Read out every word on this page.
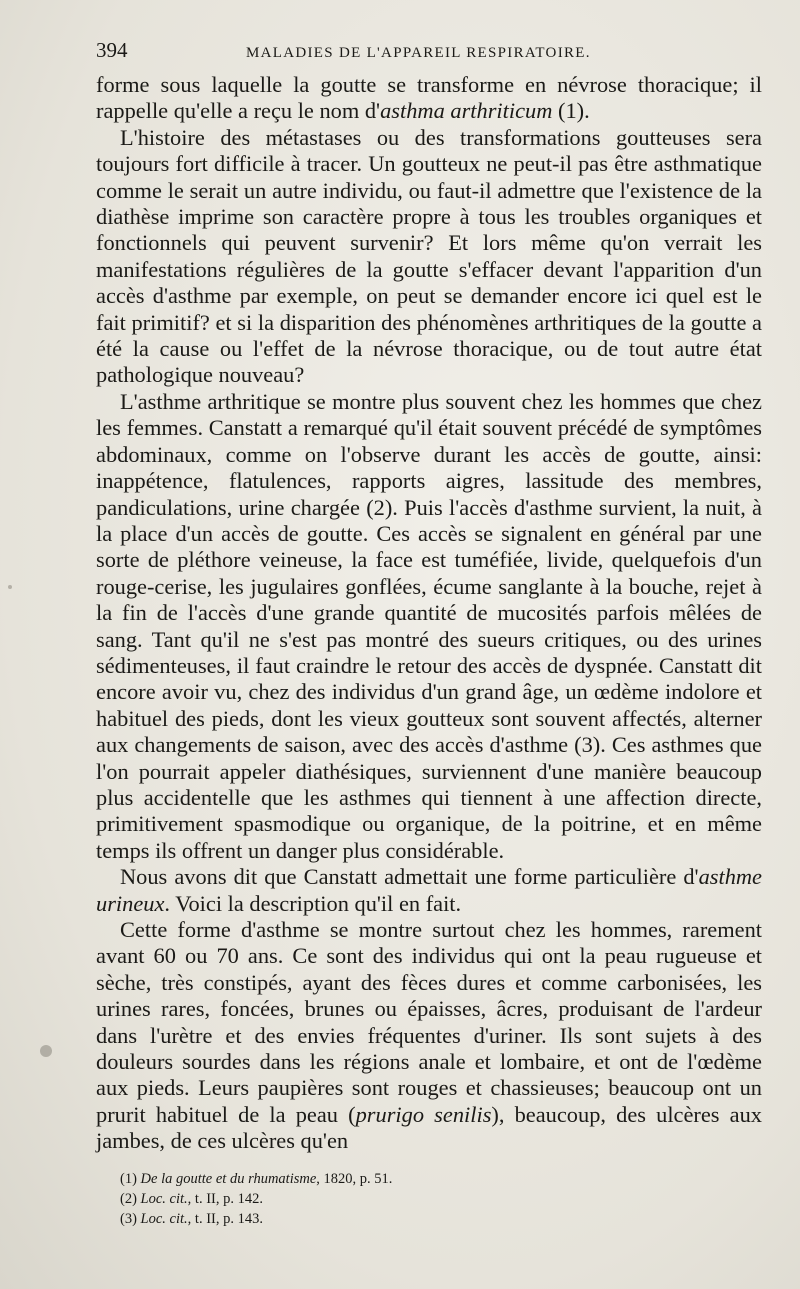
394	MALADIES DE L'APPAREIL RESPIRATOIRE.

forme sous laquelle la goutte se transforme en névrose thoracique; il rappelle qu'elle a reçu le nom d'asthma arthriticum (1).

L'histoire des métastases ou des transformations goutteuses sera toujours fort difficile à tracer. Un goutteux ne peut-il pas être asthmatique comme le serait un autre individu, ou faut-il admettre que l'existence de la diathèse imprime son caractère propre à tous les troubles organiques et fonctionnels qui peuvent survenir? Et lors même qu'on verrait les manifestations régulières de la goutte s'effacer devant l'apparition d'un accès d'asthme par exemple, on peut se demander encore ici quel est le fait primitif? et si la disparition des phénomènes arthritiques de la goutte a été la cause ou l'effet de la névrose thoracique, ou de tout autre état pathologique nouveau?

L'asthme arthritique se montre plus souvent chez les hommes que chez les femmes. Canstatt a remarqué qu'il était souvent précédé de symptômes abdominaux, comme on l'observe durant les accès de goutte, ainsi: inappétence, flatulences, rapports aigres, lassitude des membres, pandiculations, urine chargée (2). Puis l'accès d'asthme survient, la nuit, à la place d'un accès de goutte. Ces accès se signalent en général par une sorte de pléthore veineuse, la face est tuméfiée, livide, quelquefois d'un rouge-cerise, les jugulaires gonflées, écume sanglante à la bouche, rejet à la fin de l'accès d'une grande quantité de mucosités parfois mêlées de sang. Tant qu'il ne s'est pas montré des sueurs critiques, ou des urines sédimenteuses, il faut craindre le retour des accès de dyspnée. Canstatt dit encore avoir vu, chez des individus d'un grand âge, un œdème indolore et habituel des pieds, dont les vieux goutteux sont souvent affectés, alterner aux changements de saison, avec des accès d'asthme (3). Ces asthmes que l'on pourrait appeler diathésiques, surviennent d'une manière beaucoup plus accidentelle que les asthmes qui tiennent à une affection directe, primitivement spasmodique ou organique, de la poitrine, et en même temps ils offrent un danger plus considérable.

Nous avons dit que Canstatt admettait une forme particulière d'asthme urineux. Voici la description qu'il en fait.

Cette forme d'asthme se montre surtout chez les hommes, rarement avant 60 ou 70 ans. Ce sont des individus qui ont la peau rugueuse et sèche, très constipés, ayant des fèces dures et comme carbonisées, les urines rares, foncées, brunes ou épaisses, âcres, produisant de l'ardeur dans l'urètre et des envies fréquentes d'uriner. Ils sont sujets à des douleurs sourdes dans les régions anale et lombaire, et ont de l'œdème aux pieds. Leurs paupières sont rouges et chassieuses; beaucoup ont un prurit habituel de la peau (prurigo senilis), beaucoup, des ulcères aux jambes, de ces ulcères qu'en

(1) De la goutte et du rhumatisme, 1820, p. 51.

(2) Loc. cit., t. II, p. 142.

(3) Loc. cit., t. II, p. 143.
